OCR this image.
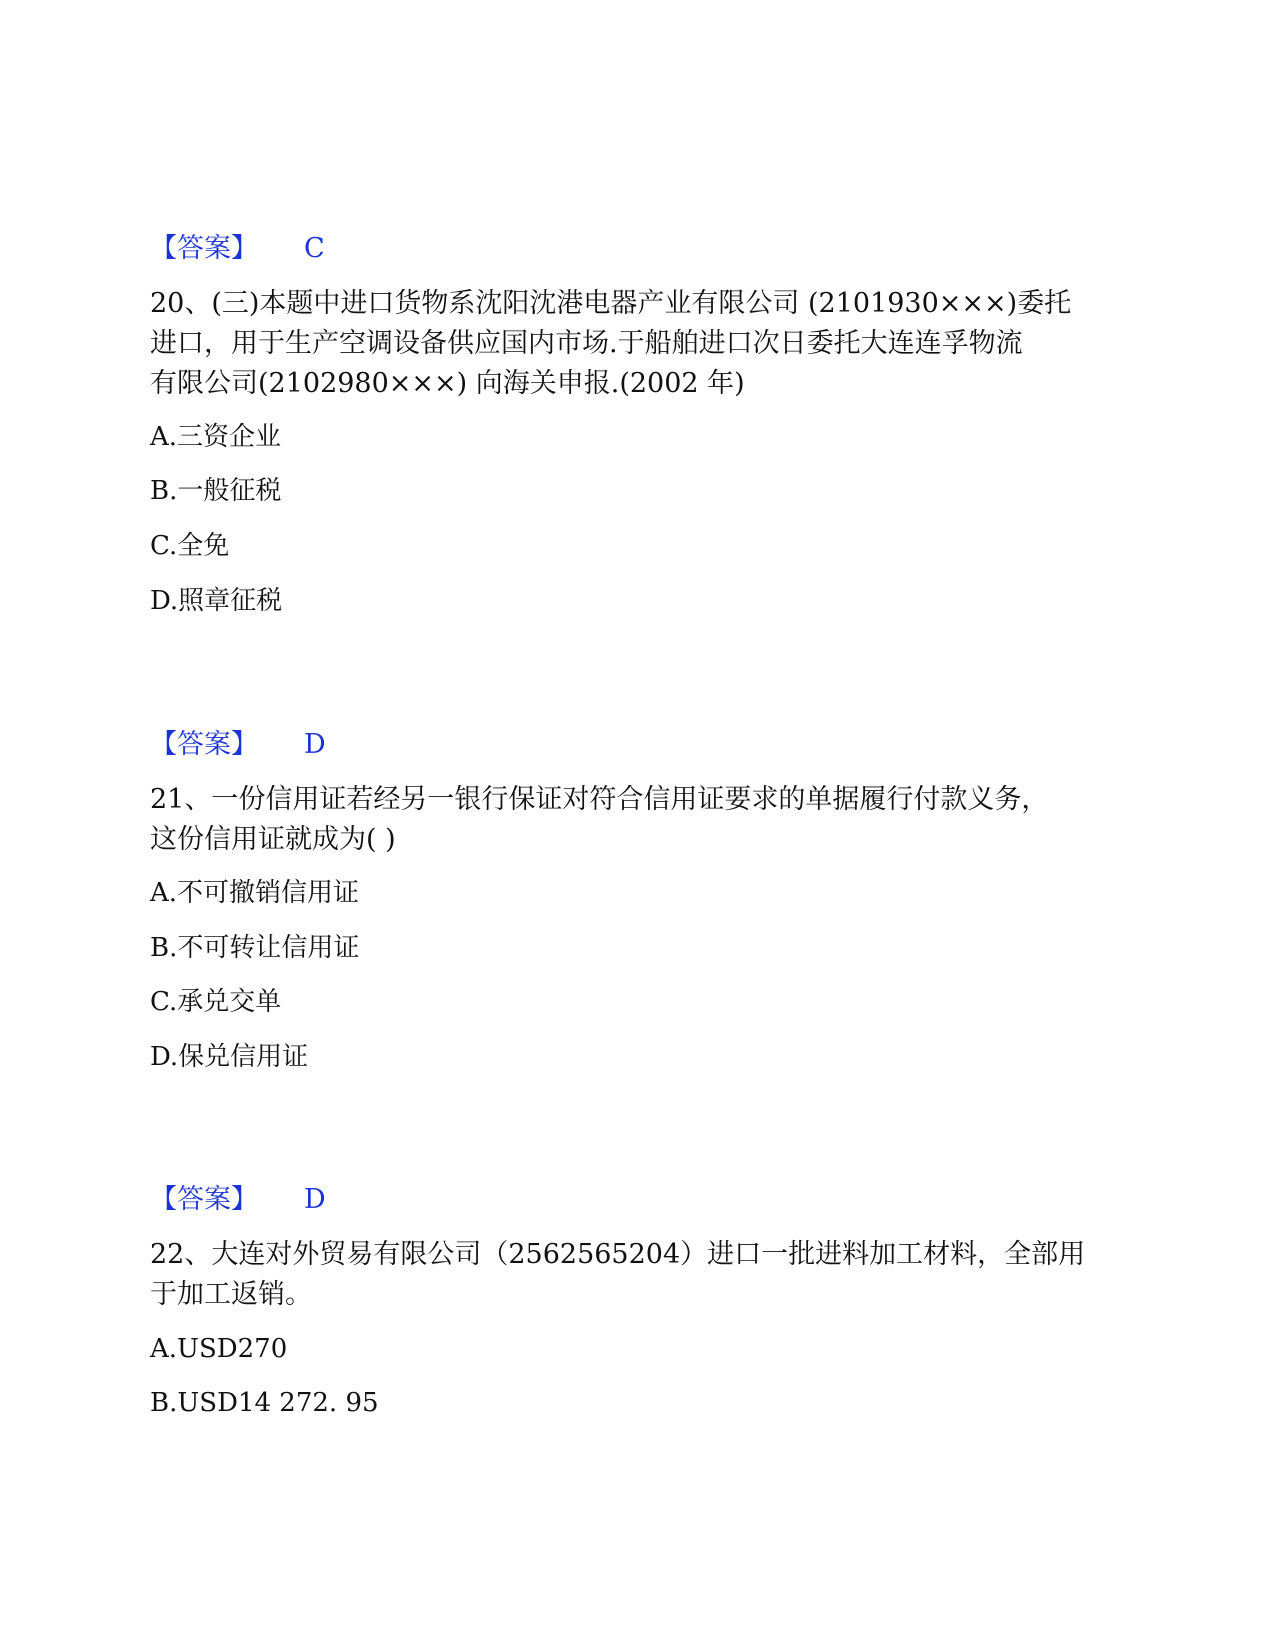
【答案】 C
20、(三)本题中进口货物系沈阳沈港电器产业有限公司 (2101930×××)委托
进口，用于生产空调设备供应国内市场.于船舶进口次日委托大连连孚物流
有限公司(2102980×××) 向海关申报.(2002 年)
A.三资企业
B.一般征税
C.全免
D.照章征税
【答案】 D
21、一份信用证若经另一银行保证对符合信用证要求的单据履行付款义务，
这份信用证就成为( )
A.不可撤销信用证
B.不可转让信用证
C.承兑交单
D.保兑信用证
【答案】 D
22、大连对外贸易有限公司（2562565204）进口一批进料加工材料，全部用
于加工返销。
A.USD270
B.USD14 272. 95
